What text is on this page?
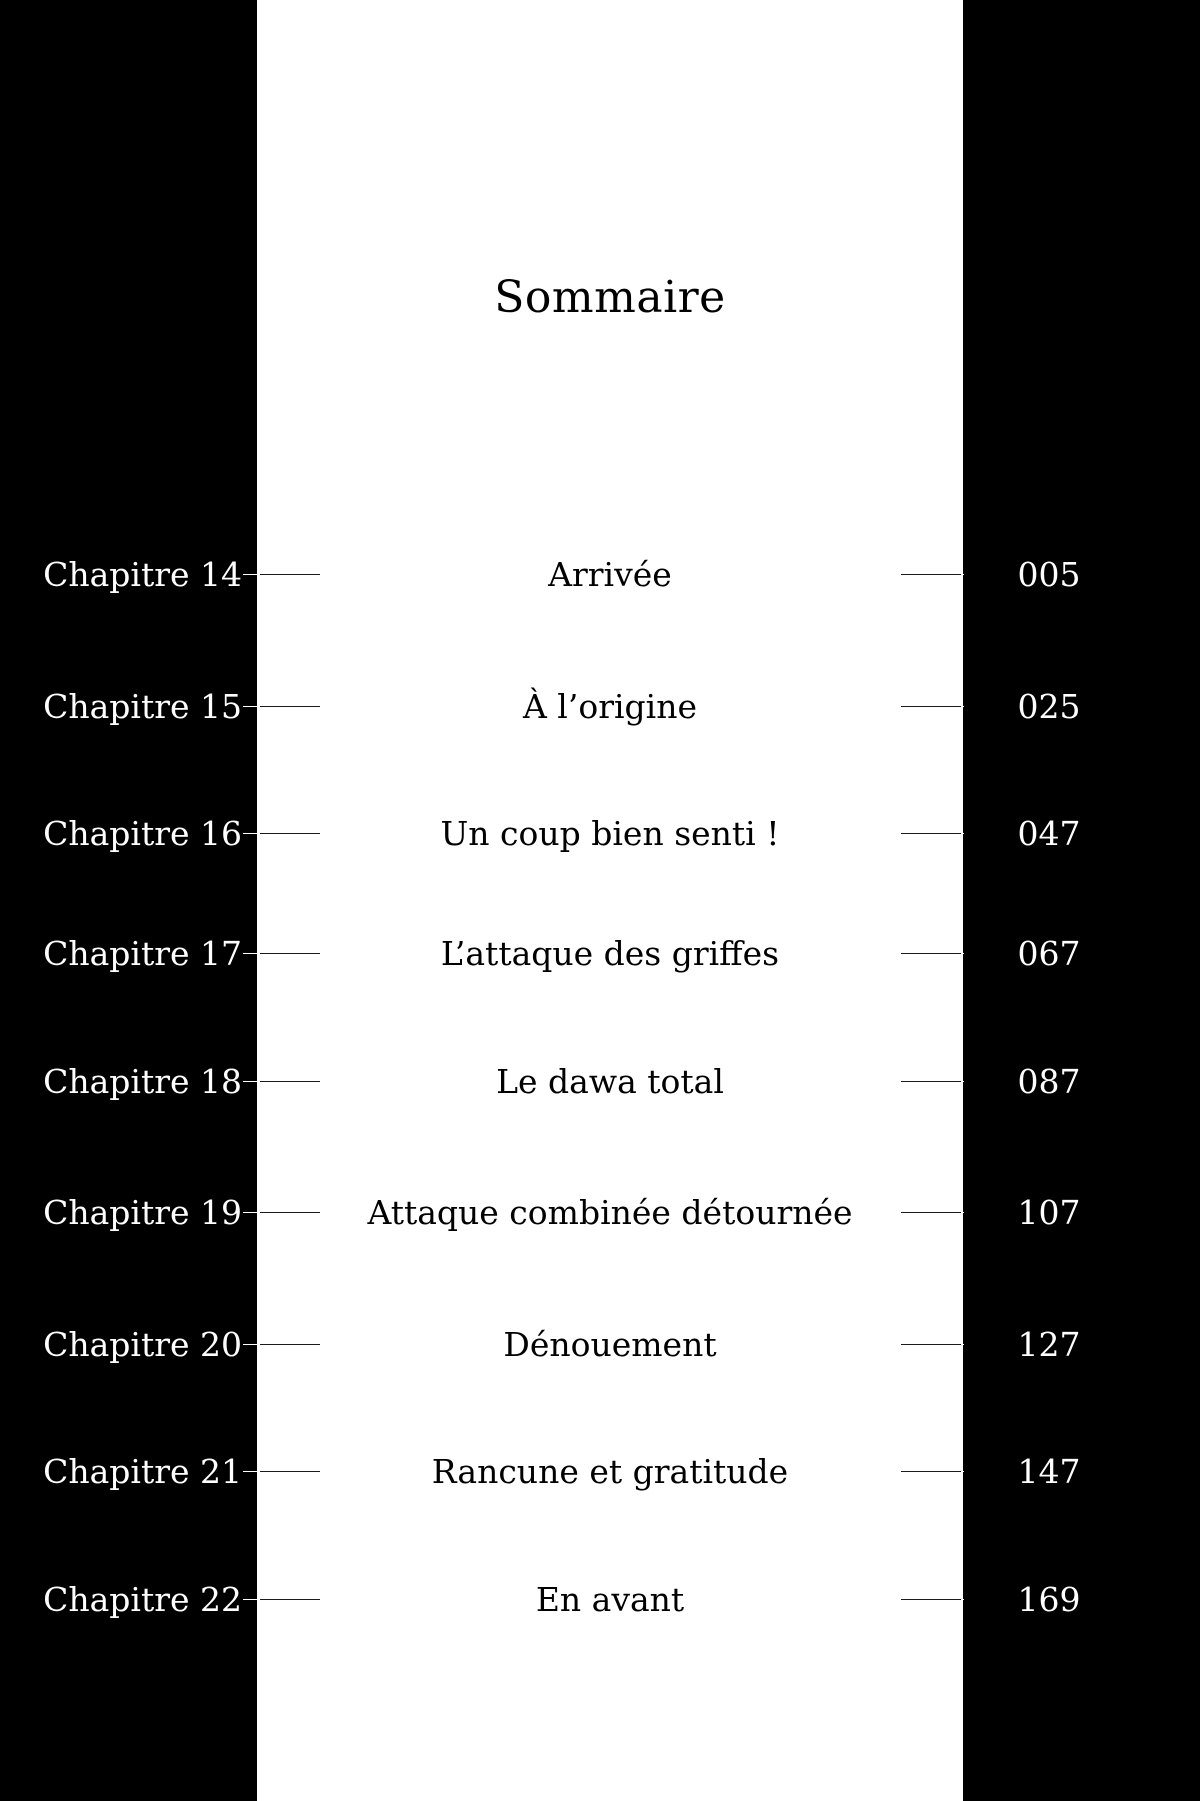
Sommaire
Chapitre 14	Arrivée	005
Chapitre 15	À l’origine	025
Chapitre 16	Un coup bien senti !	047
Chapitre 17	L’attaque des griffes	067
Chapitre 18	Le dawa total	087
Chapitre 19	Attaque combinée détournée	107
Chapitre 20	Dénouement	127
Chapitre 21	Rancune et gratitude	147
Chapitre 22	En avant	169
